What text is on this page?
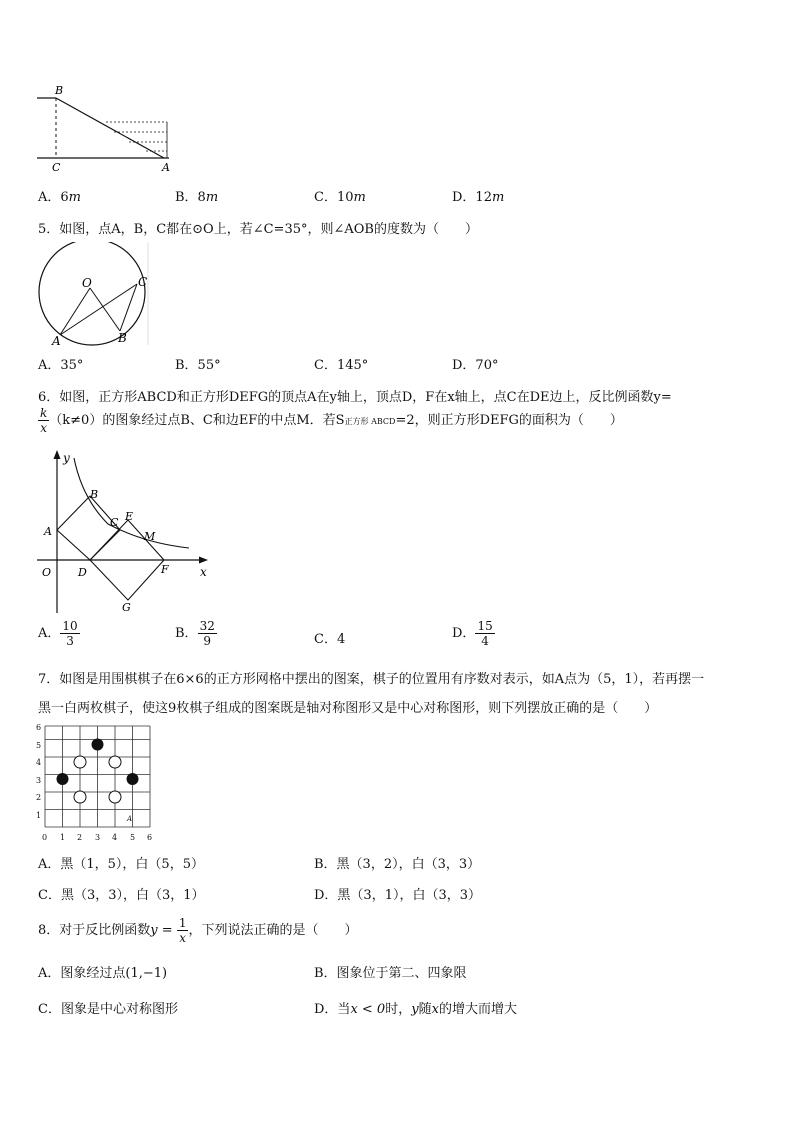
B
C	A
A．6m	B．8m	C．10m	D．12m
5．如图，点A，B，C都在⊙O上，若∠C=35°，则∠AOB的度数为（　　）
O	C
A	B
A．35°	B．55°	C．145°	D．70°
6．如图，正方形ABCD和正方形DEFG的顶点A在y轴上，顶点D，F在x轴上，点C在DE边上，反比例函数y=
$\frac{k}{x} (k\ne 0)$的图象经过点B、C和边EF的中点M．若S正方形 ABCD=2，则正方形DEFG的面积为（　　）
y
B
A
C E
M
O D	F	x
G
A． $\frac{10}{3}$	B． $\frac{32}{9}$	C．4	D． $\frac{15}{4}$
7．如图是用围棋棋子在6×6的正方形网格中摆出的图案，棋子的位置用有序数对表示，如A点为（5，1），若再摆一
黑一白两枚棋子，使这9枚棋子组成的图案既是轴对称图形又是中心对称图形，则下列摆放正确的是（　　）
6
5
4
3
2
1
0 1 2 3 4 5 6
A
A．黑（1，5），白（5，5）	B．黑（3，2），白（3，3）
C．黑（3，3），白（3，1）	D．黑（3，1），白（3，3）
8．对于反比例函数$y = \frac{1}{x}$ ，下列说法正确的是（　　）
A．图象经过点(1,−1)	B．图象位于第二、四象限
C．图象是中心对称图形	D．当x < 0时，y随x的增大而增大
